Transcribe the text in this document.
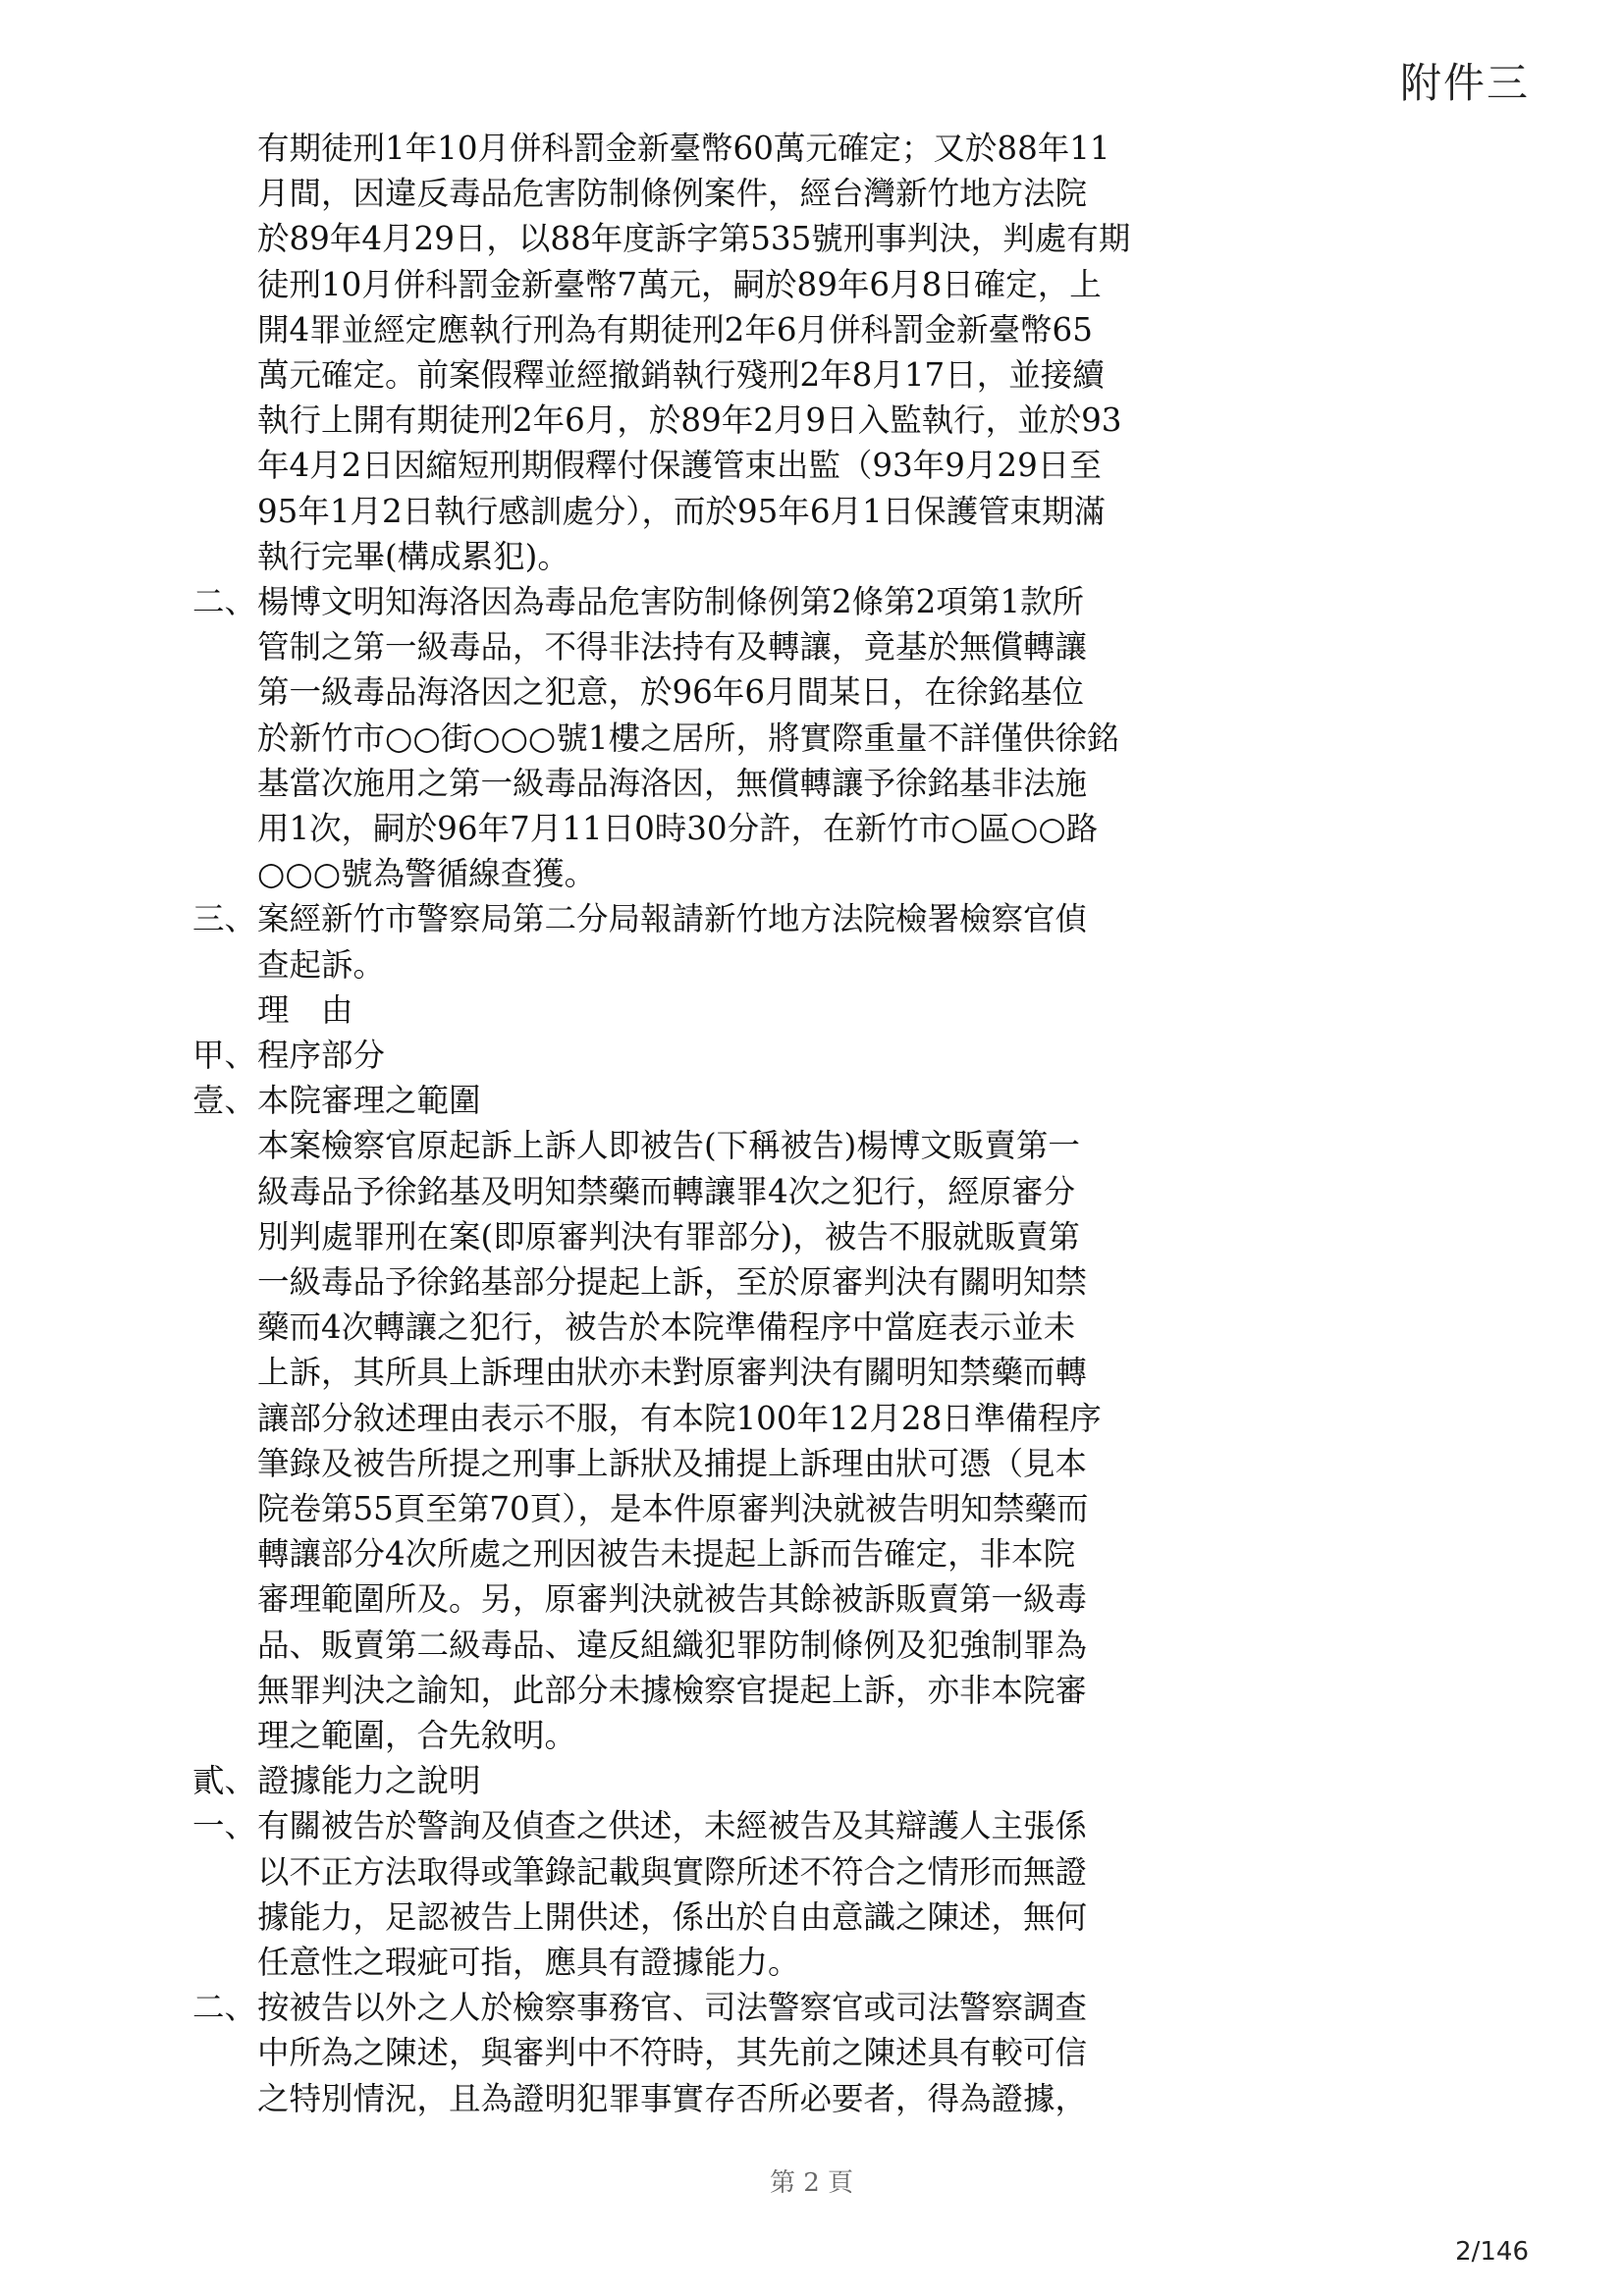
附件三
有期徒刑1年10月併科罰金新臺幣60萬元確定；又於88年11
月間，因違反毒品危害防制條例案件，經台灣新竹地方法院
於89年4月29日，以88年度訴字第535號刑事判決，判處有期
徒刑10月併科罰金新臺幣7萬元，嗣於89年6月8日確定，上
開4罪並經定應執行刑為有期徒刑2年6月併科罰金新臺幣65
萬元確定。前案假釋並經撤銷執行殘刑2年8月17日，並接續
執行上開有期徒刑2年6月，於89年2月9日入監執行，並於93
年4月2日因縮短刑期假釋付保護管束出監（93年9月29日至
95年1月2日執行感訓處分），而於95年6月1日保護管束期滿
執行完畢(構成累犯)。
二、 楊博文明知海洛因為毒品危害防制條例第2條第2項第1款所
管制之第一級毒品，不得非法持有及轉讓，竟基於無償轉讓
第一級毒品海洛因之犯意，於96年6月間某日，在徐銘基位
於新竹市○○街○○○號1樓之居所，將實際重量不詳僅供徐銘
基當次施用之第一級毒品海洛因，無償轉讓予徐銘基非法施
用1次，嗣於96年7月11日0時30分許，在新竹市○區○○路
○○○號為警循線查獲。
三、 案經新竹市警察局第二分局報請新竹地方法院檢署檢察官偵
查起訴。
理　由
甲、 程序部分
壹、 本院審理之範圍
本案檢察官原起訴上訴人即被告(下稱被告)楊博文販賣第一
級毒品予徐銘基及明知禁藥而轉讓罪4次之犯行，經原審分
別判處罪刑在案(即原審判決有罪部分)，被告不服就販賣第
一級毒品予徐銘基部分提起上訴，至於原審判決有關明知禁
藥而4次轉讓之犯行，被告於本院準備程序中當庭表示並未
上訴，其所具上訴理由狀亦未對原審判決有關明知禁藥而轉
讓部分敘述理由表示不服，有本院100年12月28日準備程序
筆錄及被告所提之刑事上訴狀及捕提上訴理由狀可憑（見本
院卷第55頁至第70頁），是本件原審判決就被告明知禁藥而
轉讓部分4次所處之刑因被告未提起上訴而告確定，非本院
審理範圍所及。另，原審判決就被告其餘被訴販賣第一級毒
品、販賣第二級毒品、違反組織犯罪防制條例及犯強制罪為
無罪判決之諭知，此部分未據檢察官提起上訴，亦非本院審
理之範圍，合先敘明。
貳、 證據能力之說明
一、 有關被告於警詢及偵查之供述，未經被告及其辯護人主張係
以不正方法取得或筆錄記載與實際所述不符合之情形而無證
據能力，足認被告上開供述，係出於自由意識之陳述，無何
任意性之瑕疵可指，應具有證據能力。
二、 按被告以外之人於檢察事務官、司法警察官或司法警察調查
中所為之陳述，與審判中不符時，其先前之陳述具有較可信
之特別情況，且為證明犯罪事實存否所必要者，得為證據，
第 2 頁
2/146
